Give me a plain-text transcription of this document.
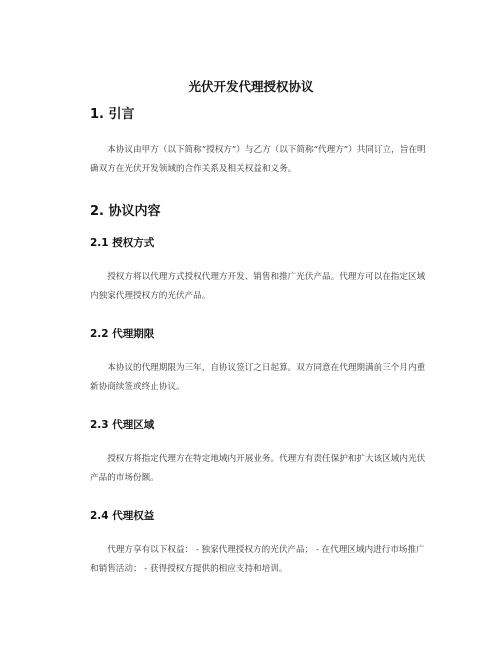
光伏开发代理授权协议
1. 引言
本协议由甲方（以下简称“授权方”）与乙方（以下简称“代理方”）共同订立，旨在明确双方在光伏开发领域的合作关系及相关权益和义务。
2. 协议内容
2.1 授权方式
授权方将以代理方式授权代理方开发、销售和推广光伏产品。代理方可以在指定区域内独家代理授权方的光伏产品。
2.2 代理期限
本协议的代理期限为三年，自协议签订之日起算。双方同意在代理期满前三个月内重新协商续签或终止协议。
2.3 代理区域
授权方将指定代理方在特定地域内开展业务。代理方有责任保护和扩大该区域内光伏产品的市场份额。
2.4 代理权益
代理方享有以下权益： - 独家代理授权方的光伏产品； - 在代理区域内进行市场推广和销售活动； - 获得授权方提供的相应支持和培训。
